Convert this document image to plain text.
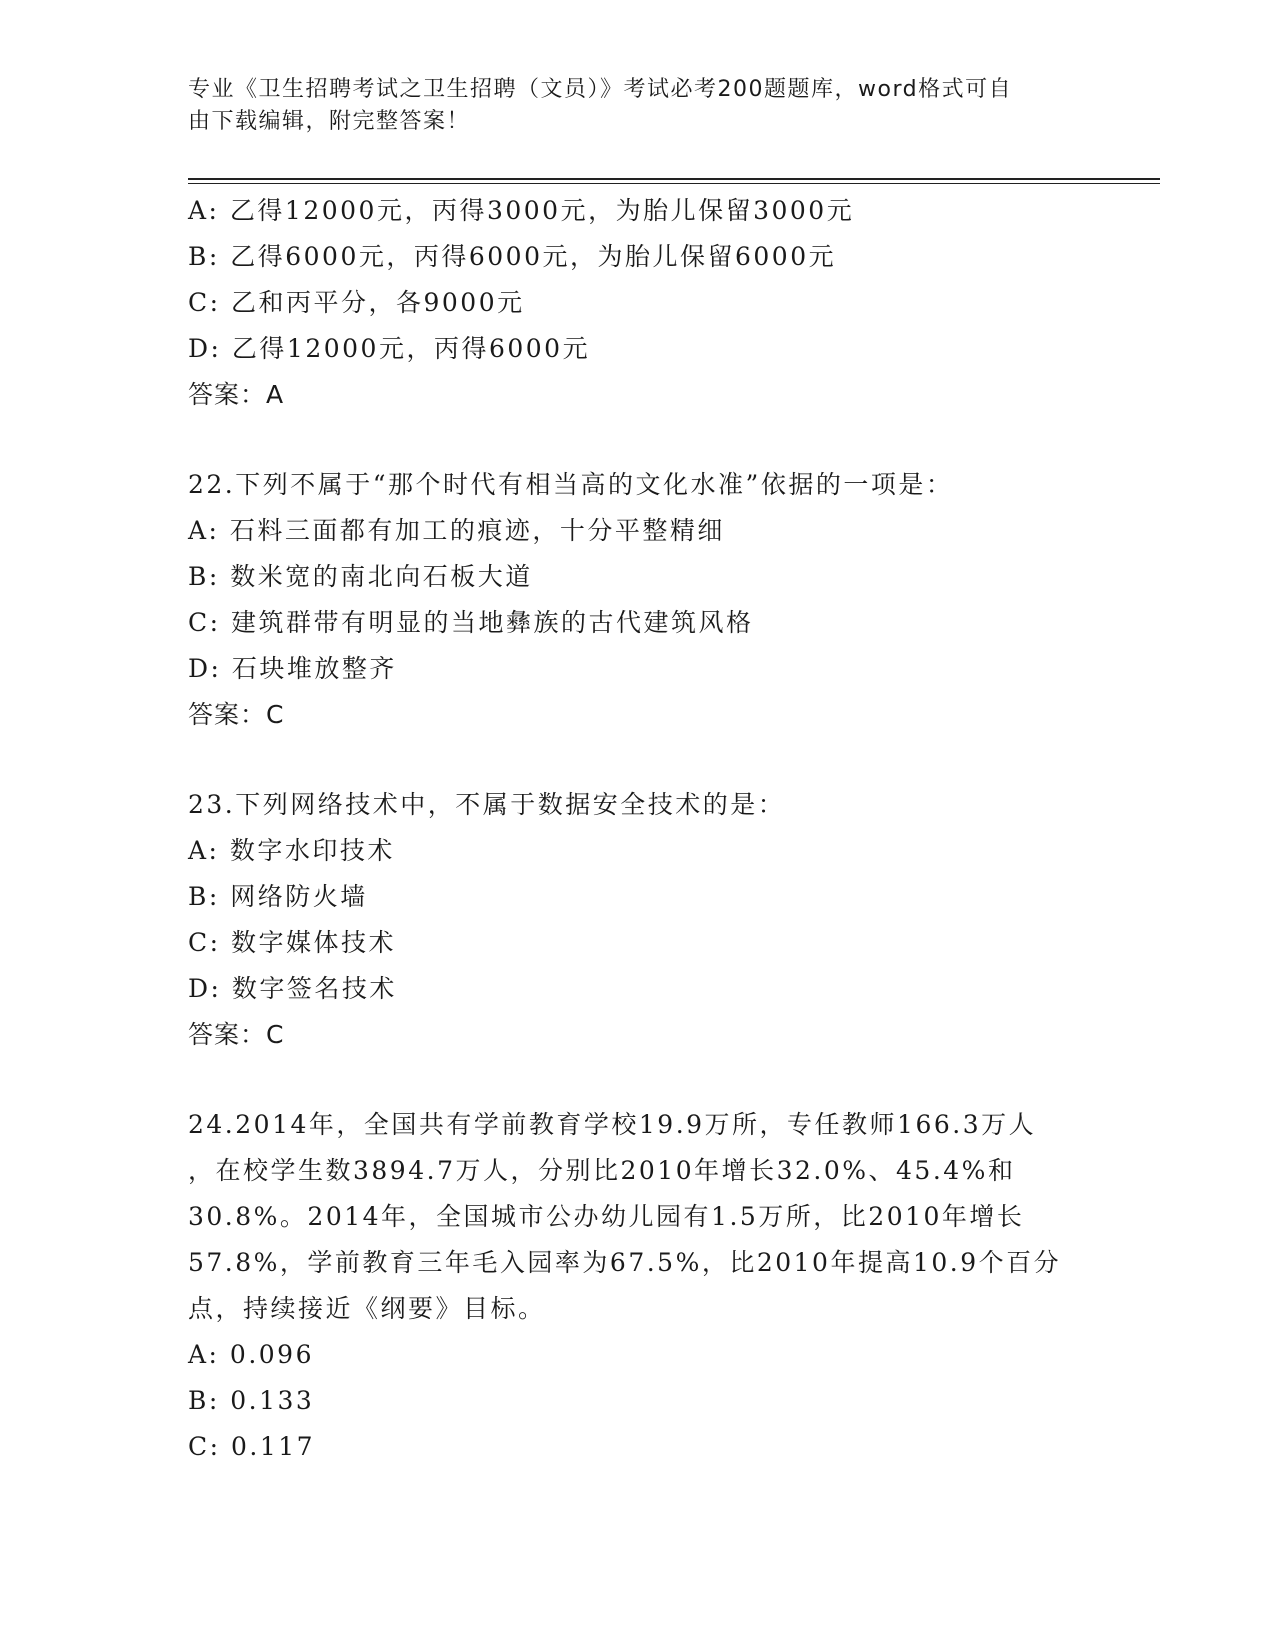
专业《卫生招聘考试之卫生招聘（文员）》考试必考200题题库，word格式可自
由下载编辑，附完整答案！
A: 乙得12000元，丙得3000元，为胎儿保留3000元
B: 乙得6000元，丙得6000元，为胎儿保留6000元
C: 乙和丙平分，各9000元
D: 乙得12000元，丙得6000元
答案：A
22.下列不属于“那个时代有相当高的文化水准”依据的一项是：
A: 石料三面都有加工的痕迹，十分平整精细
B: 数米宽的南北向石板大道
C: 建筑群带有明显的当地彝族的古代建筑风格
D: 石块堆放整齐
答案：C
23.下列网络技术中，不属于数据安全技术的是：
A: 数字水印技术
B: 网络防火墙
C: 数字媒体技术
D: 数字签名技术
答案：C
24.2014年，全国共有学前教育学校19.9万所，专任教师166.3万人
，在校学生数3894.7万人，分别比2010年增长32.0%、45.4%和
30.8%。2014年，全国城市公办幼儿园有1.5万所，比2010年增长
57.8%，学前教育三年毛入园率为67.5%，比2010年提高10.9个百分
点，持续接近《纲要》目标。
A: 0.096
B: 0.133
C: 0.117
